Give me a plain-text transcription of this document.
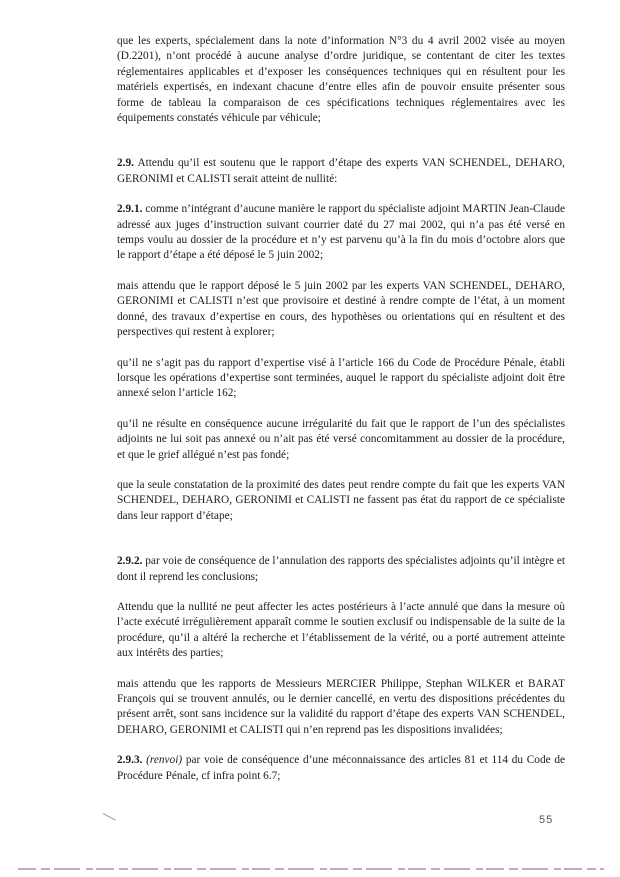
que les experts, spécialement dans la note d’information N°3 du 4 avril 2002 visée au moyen (D.2201), n’ont procédé à aucune analyse d’ordre juridique, se contentant de citer les textes réglementaires applicables et d’exposer les conséquences techniques qui en résultent pour les matériels expertisés, en indexant chacune d’entre elles afin de pouvoir ensuite présenter sous forme de tableau la comparaison de ces spécifications techniques réglementaires avec les équipements constatés véhicule par véhicule;

2.9. Attendu qu’il est soutenu que le rapport d’étape des experts VAN SCHENDEL, DEHARO, GERONIMI et CALISTI serait atteint de nullité:

2.9.1. comme n’intégrant d’aucune manière le rapport du spécialiste adjoint MARTIN Jean-Claude adressé aux juges d’instruction suivant courrier daté du 27 mai 2002, qui n’a pas été versé en temps voulu au dossier de la procédure et n’y est parvenu qu’à la fin du mois d’octobre alors que le rapport d’étape a été déposé le 5 juin 2002;

mais attendu que le rapport déposé le 5 juin 2002 par les experts VAN SCHENDEL, DEHARO, GERONIMI et CALISTI n’est que provisoire et destiné à rendre compte de l’état, à un moment donné, des travaux d’expertise en cours, des hypothèses ou orientations qui en résultent et des perspectives qui restent à explorer;

qu’il ne s’agit pas du rapport d’expertise visé à l’article 166 du Code de Procédure Pénale, établi lorsque les opérations d’expertise sont terminées, auquel le rapport du spécialiste adjoint doit être annexé selon l’article 162;

qu’il ne résulte en conséquence aucune irrégularité du fait que le rapport de l’un des spécialistes adjoints ne lui soit pas annexé ou n’ait pas été versé concomitamment au dossier de la procédure, et que le grief allégué n’est pas fondé;

que la seule constatation de la proximité des dates peut rendre compte du fait que les experts VAN SCHENDEL, DEHARO, GERONIMI et CALISTI ne fassent pas état du rapport de ce spécialiste dans leur rapport d’étape;

2.9.2. par voie de conséquence de l’annulation des rapports des spécialistes adjoints qu’il intègre et dont il reprend les conclusions;

Attendu que la nullité ne peut affecter les actes postérieurs à l’acte annulé que dans la mesure où l’acte exécuté irrégulièrement apparaît comme le soutien exclusif ou indispensable de la suite de la procédure, qu’il a altéré la recherche et l’établissement de la vérité, ou a porté autrement atteinte aux intérêts des parties;

mais attendu que les rapports de Messieurs MERCIER Philippe, Stephan WILKER et BARAT François qui se trouvent annulés, ou le dernier cancellé, en vertu des dispositions précédentes du présent arrêt, sont sans incidence sur la validité du rapport d’étape des experts VAN SCHENDEL, DEHARO, GERONIMI et CALISTI qui n’en reprend pas les dispositions invalidées;

2.9.3. (renvoi) par voie de conséquence d’une méconnaissance des articles 81 et 114 du Code de Procédure Pénale, cf infra point 6.7;

55
